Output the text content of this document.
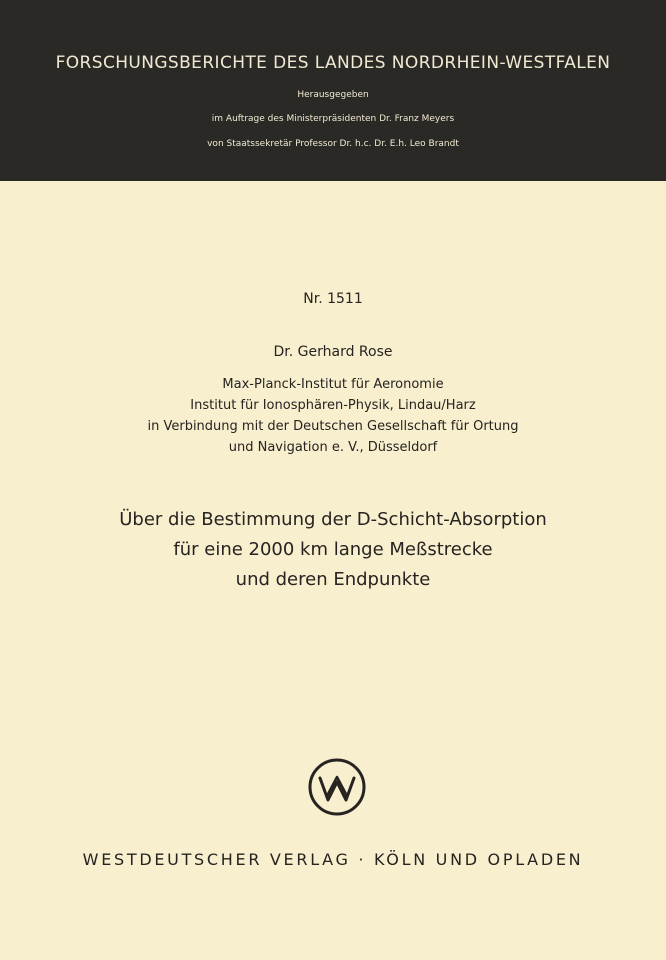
FORSCHUNGSBERICHTE DES LANDES NORDRHEIN-WESTFALEN
Herausgegeben
im Auftrage des Ministerpräsidenten Dr. Franz Meyers
von Staatssekretär Professor Dr. h.c. Dr. E.h. Leo Brandt
Nr. 1511
Dr. Gerhard Rose
Max-Planck-Institut für Aeronomie
Institut für Ionosphären-Physik, Lindau/Harz
in Verbindung mit der Deutschen Gesellschaft für Ortung
und Navigation e. V., Düsseldorf
Über die Bestimmung der D-Schicht-Absorption
für eine 2000 km lange Meßstrecke
und deren Endpunkte
WESTDEUTSCHER VERLAG · KÖLN UND OPLADEN
